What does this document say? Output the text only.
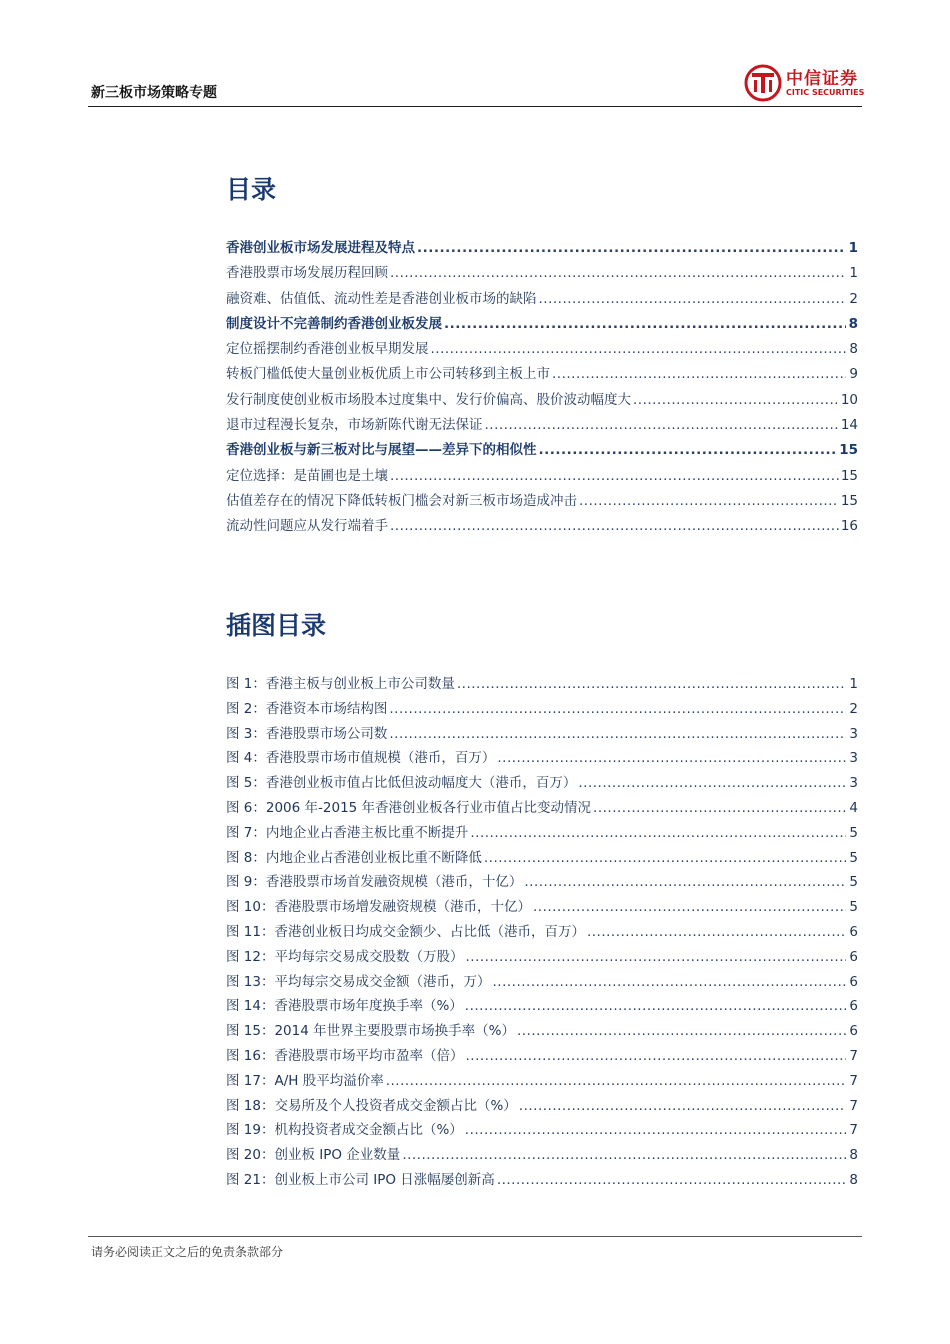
新三板市场策略专题
中信证券
CITIC SECURITIES
目录
香港创业板市场发展进程及特点 .....	1
香港股票市场发展历程回顾 .....	1
融资难、估值低、流动性差是香港创业板市场的缺陷 .....	2
制度设计不完善制约香港创业板发展 .....	8
定位摇摆制约香港创业板早期发展 .....	8
转板门槛低使大量创业板优质上市公司转移到主板上市 .....	9
发行制度使创业板市场股本过度集中、发行价偏高、股价波动幅度大 .....	10
退市过程漫长复杂，市场新陈代谢无法保证 .....	14
香港创业板与新三板对比与展望——差异下的相似性 .....	15
定位选择：是苗圃也是土壤 .....	15
估值差存在的情况下降低转板门槛会对新三板市场造成冲击 .....	15
流动性问题应从发行端着手 .....	16
插图目录
图 1：香港主板与创业板上市公司数量 .....	1
图 2：香港资本市场结构图 .....	2
图 3：香港股票市场公司数 .....	3
图 4：香港股票市场市值规模（港币，百万） .....	3
图 5：香港创业板市值占比低但波动幅度大（港币，百万） .....	3
图 6：2006 年-2015 年香港创业板各行业市值占比变动情况 .....	4
图 7：内地企业占香港主板比重不断提升 .....	5
图 8：内地企业占香港创业板比重不断降低 .....	5
图 9：香港股票市场首发融资规模（港币，十亿） .....	5
图 10：香港股票市场增发融资规模（港币，十亿） .....	5
图 11：香港创业板日均成交金额少、占比低（港币，百万） .....	6
图 12：平均每宗交易成交股数（万股） .....	6
图 13：平均每宗交易成交金额（港币，万） .....	6
图 14：香港股票市场年度换手率（%） .....	6
图 15：2014 年世界主要股票市场换手率（%） .....	6
图 16：香港股票市场平均市盈率（倍） .....	7
图 17：A/H 股平均溢价率 .....	7
图 18：交易所及个人投资者成交金额占比（%） .....	7
图 19：机构投资者成交金额占比（%） .....	7
图 20：创业板 IPO 企业数量 .....	8
图 21：创业板上市公司 IPO 日涨幅屡创新高 .....	8
请务必阅读正文之后的免责条款部分
